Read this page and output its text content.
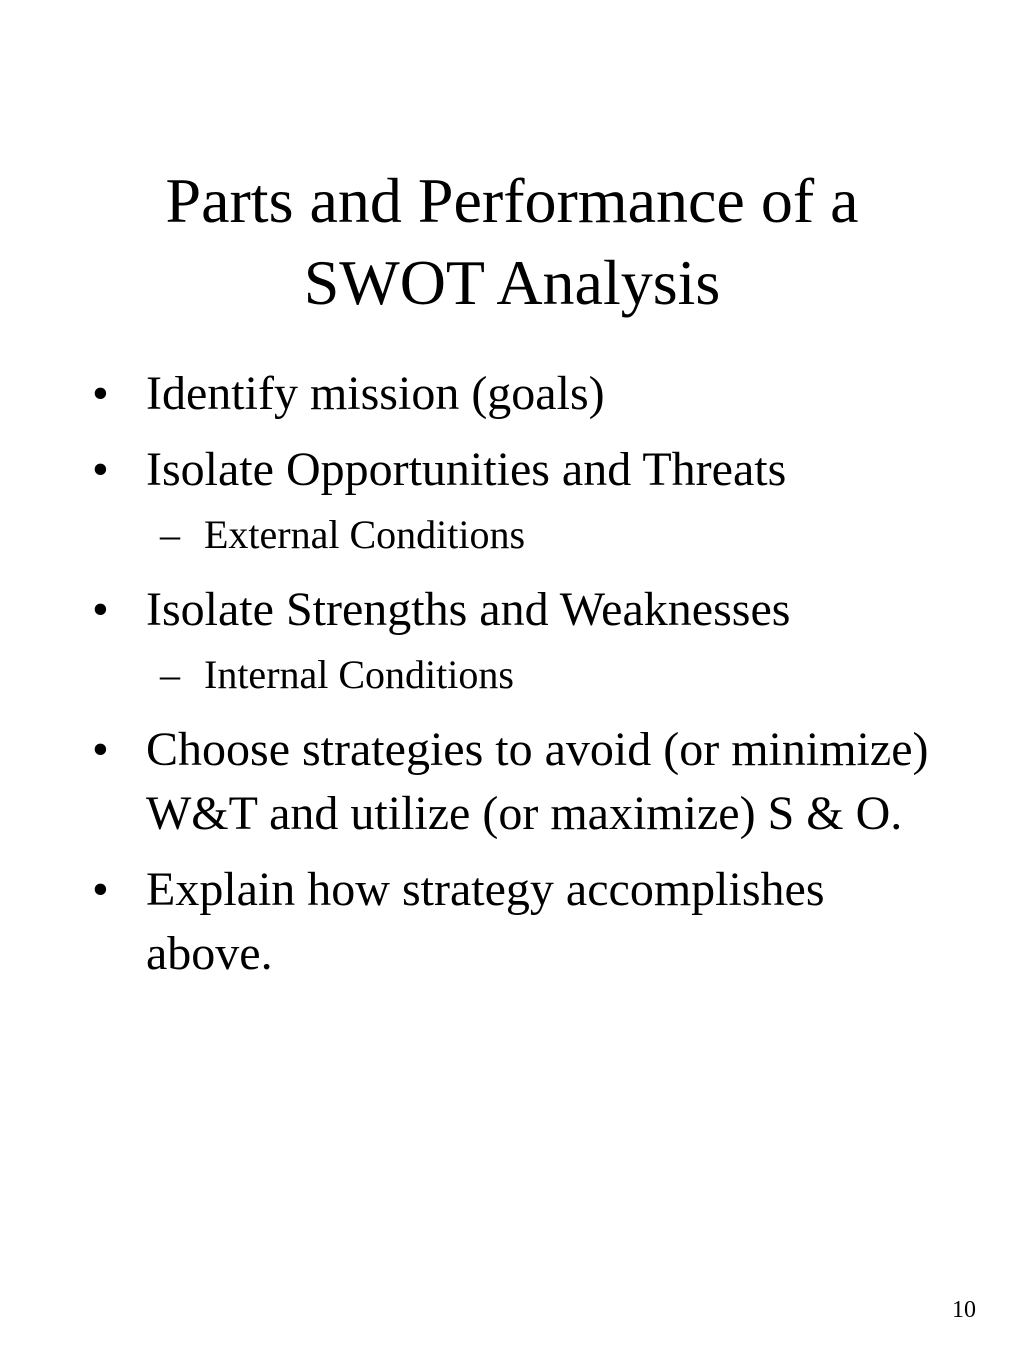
Parts and Performance of a
SWOT Analysis
• Identify mission (goals)
• Isolate Opportunities and Threats
– External Conditions
• Isolate Strengths and Weaknesses
– Internal Conditions
• Choose strategies to avoid (or minimize) W&T and utilize (or maximize) S & O.
• Explain how strategy accomplishes above.
10
